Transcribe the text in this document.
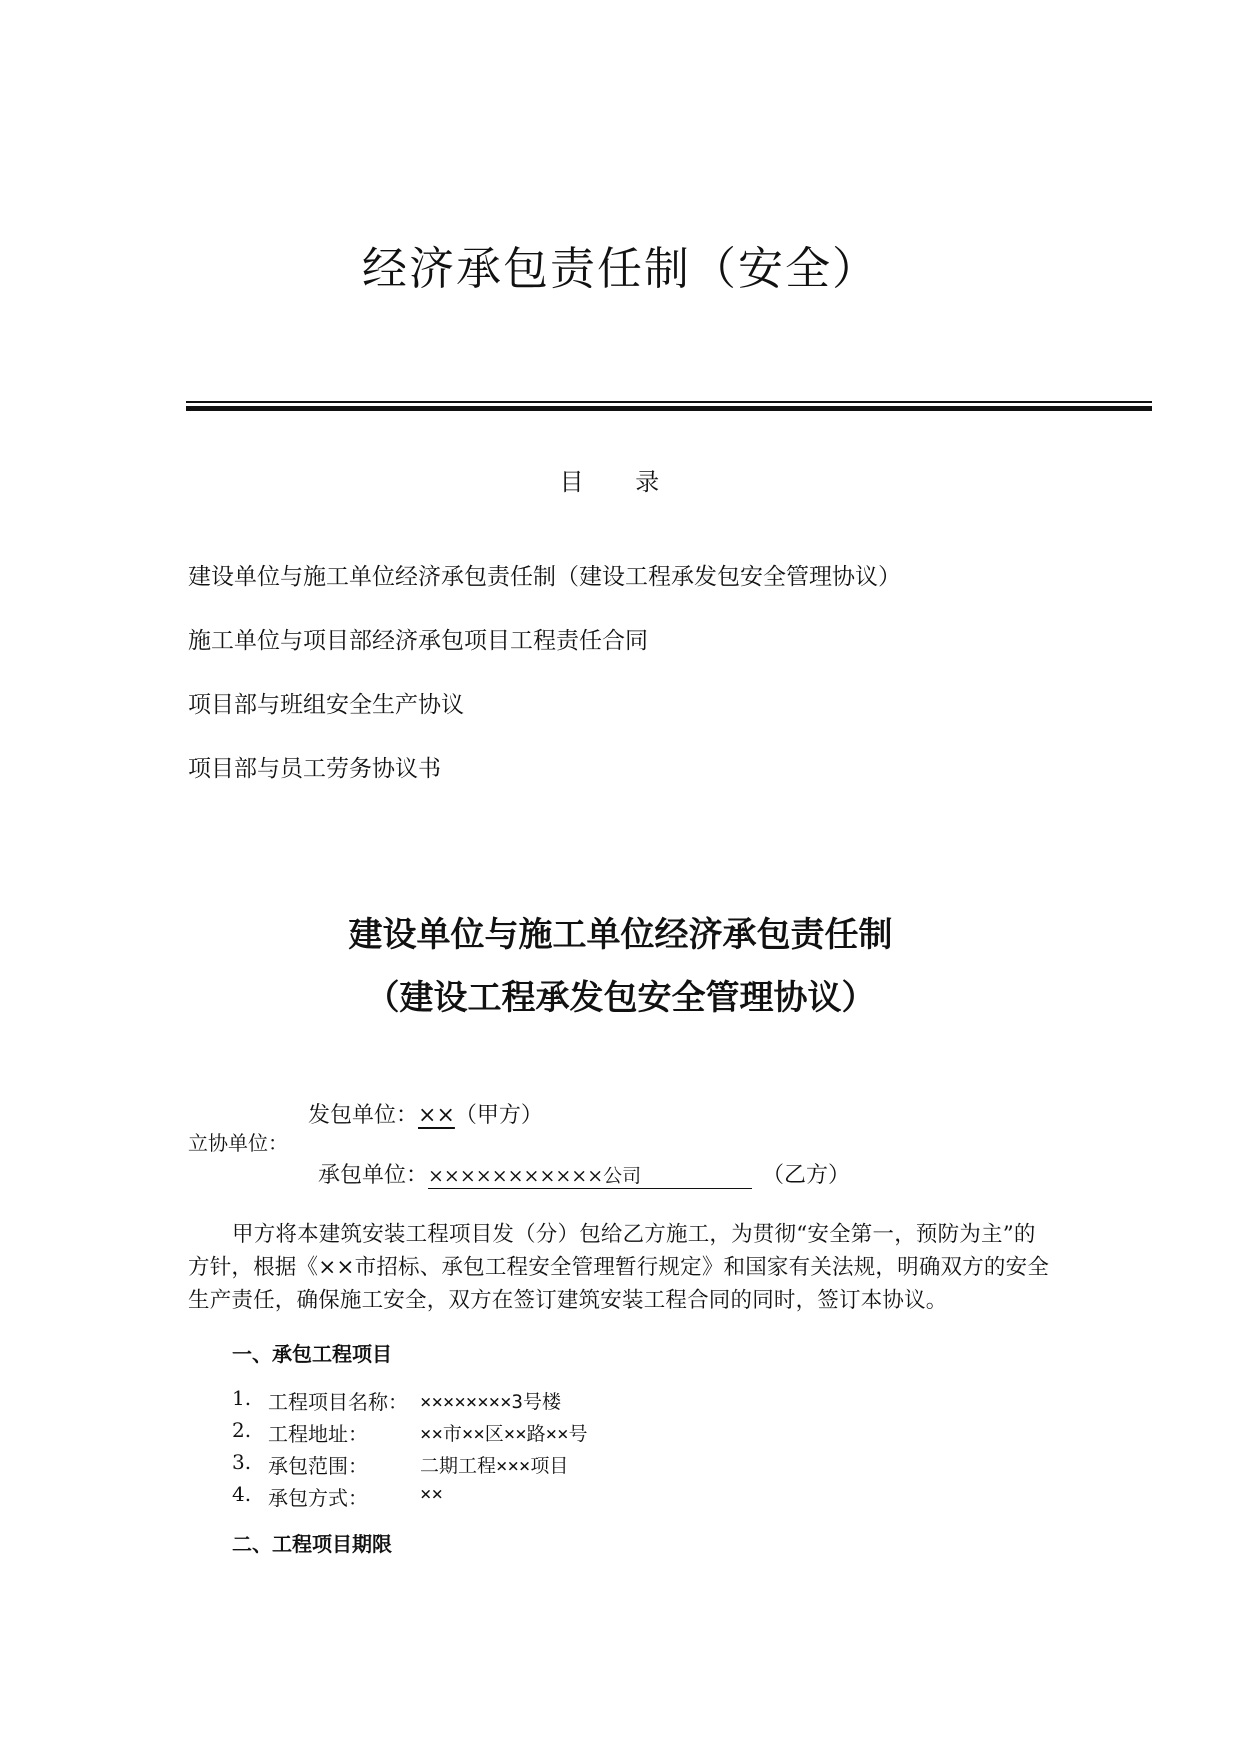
经济承包责任制（安全）
目 录
建设单位与施工单位经济承包责任制（建设工程承发包安全管理协议）
施工单位与项目部经济承包项目工程责任合同
项目部与班组安全生产协议
项目部与员工劳务协议书
建设单位与施工单位经济承包责任制
（建设工程承发包安全管理协议）
发包单位：××（甲方）
立协单位：
承包单位：×××××××××××公司	（乙方）
甲方将本建筑安装工程项目发（分）包给乙方施工，为贯彻“安全第一，预防为主”的方针，根据《××市招标、承包工程安全管理暂行规定》和国家有关法规，明确双方的安全生产责任，确保施工安全，双方在签订建筑安装工程合同的同时，签订本协议。
一、承包工程项目
1. 工程项目名称： ××××××××3号楼
2. 工程地址：	××市××区××路××号
3. 承包范围：	二期工程×××项目
4. 承包方式：	××
二、工程项目期限
